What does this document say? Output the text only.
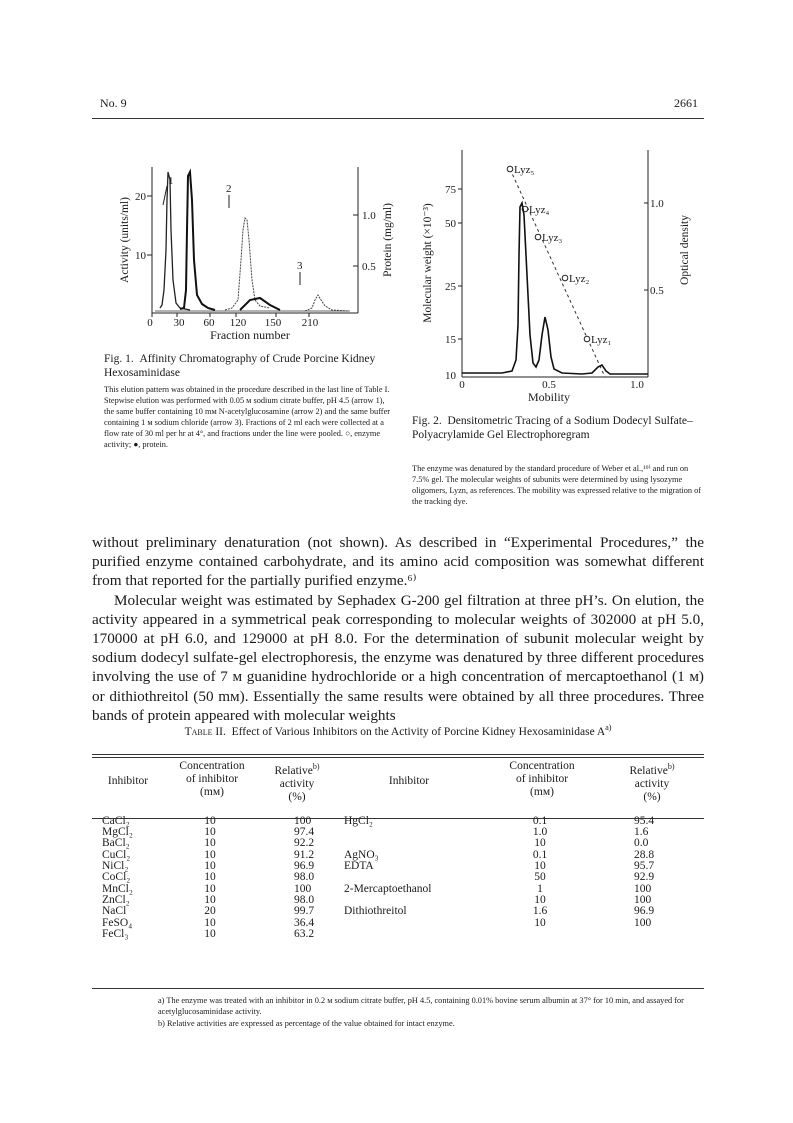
No. 9	2661
20
10
1.0
0.5
0 30 60 120 150 210
Fraction number
Activity (units/ml)	Protein (mg/ml)
1
2
3
Fig. 1. Affinity Chromatography of Crude Porcine Kidney Hexosaminidase
This elution pattern was obtained in the procedure described in the last line of Table I. Stepwise elution was performed with 0.05 м sodium citrate buffer, pH 4.5 (arrow 1), the same buffer containing 10 mм N-acetylglucosamine (arrow 2) and the same buffer containing 1 м sodium chloride (arrow 3). Fractions of 2 ml each were collected at a flow rate of 30 ml per hr at 4°, and fractions under the line were pooled. ○, enzyme activity; ●, protein.
75
50
25
15
10
1.0
0.5
0	0.5	1.0
Mobility
Molecular weight (×10⁻³)	Optical density
Lyz₅
Lyz₄
Lyz₃
Lyz₂
Lyz₁
Fig. 2. Densitometric Tracing of a Sodium Dodecyl Sulfate–Polyacrylamide Gel Electrophoregram
The enzyme was denatured by the standard procedure of Weber et al.,¹⁹⁾ and run on 7.5% gel. The molecular weights of subunits were determined by using lysozyme oligomers, Lyzn, as references. The mobility was expressed relative to the migration of the tracking dye.

without preliminary denaturation (not shown). As described in “Experimental Procedures,” the purified enzyme contained carbohydrate, and its amino acid composition was somewhat different from that reported for the partially purified enzyme.⁶⁾

Molecular weight was estimated by Sephadex G-200 gel filtration at three pH’s. On elution, the activity appeared in a symmetrical peak corresponding to molecular weights of 302000 at pH 5.0, 170000 at pH 6.0, and 129000 at pH 8.0. For the determination of subunit molecular weight by sodium dodecyl sulfate-gel electrophoresis, the enzyme was denatured by three different procedures involving the use of 7 м guanidine hydrochloride or a high concentration of mercaptoethanol (1 м) or dithiothreitol (50 mм). Essentially the same results were obtained by all three procedures. Three bands of protein appeared with molecular weights

Table II. Effect of Various Inhibitors on the Activity of Porcine Kidney Hexosaminidase $A^{a)}$
Inhibitor	Concentration
of inhibitor
(mм)	Relative$^{b)}$
activity
(%)	Inhibitor	Concentration
of inhibitor
(mм)	Relative$^{b)}$
activity
(%)
CaCl₂	10	100	HgCl₂	0.1	95.4
MgCl₂	10	97.4		1.0	1.6
BaCl₂	10	92.2		10	0.0
CuCl₂	10	91.2	AgNO₃	0.1	28.8
NiCl₂	10	96.9	EDTA	10	95.7
CoCl₂	10	98.0		50	92.9
MnCl₂	10	100	2-Mercaptoethanol	1	100
ZnCl₂	10	98.0		10	100
NaCl	20	99.7	Dithiothreitol	1.6	96.9
FeSO₄	10	36.4		10	100
FeCl₃	10	63.2			
a) The enzyme was treated with an inhibitor in 0.2 м sodium citrate buffer, pH 4.5, containing 0.01% bovine serum albumin at 37° for 10 min, and assayed for acetylglucosaminidase activity.
b) Relative activities are expressed as percentage of the value obtained for intact enzyme.
